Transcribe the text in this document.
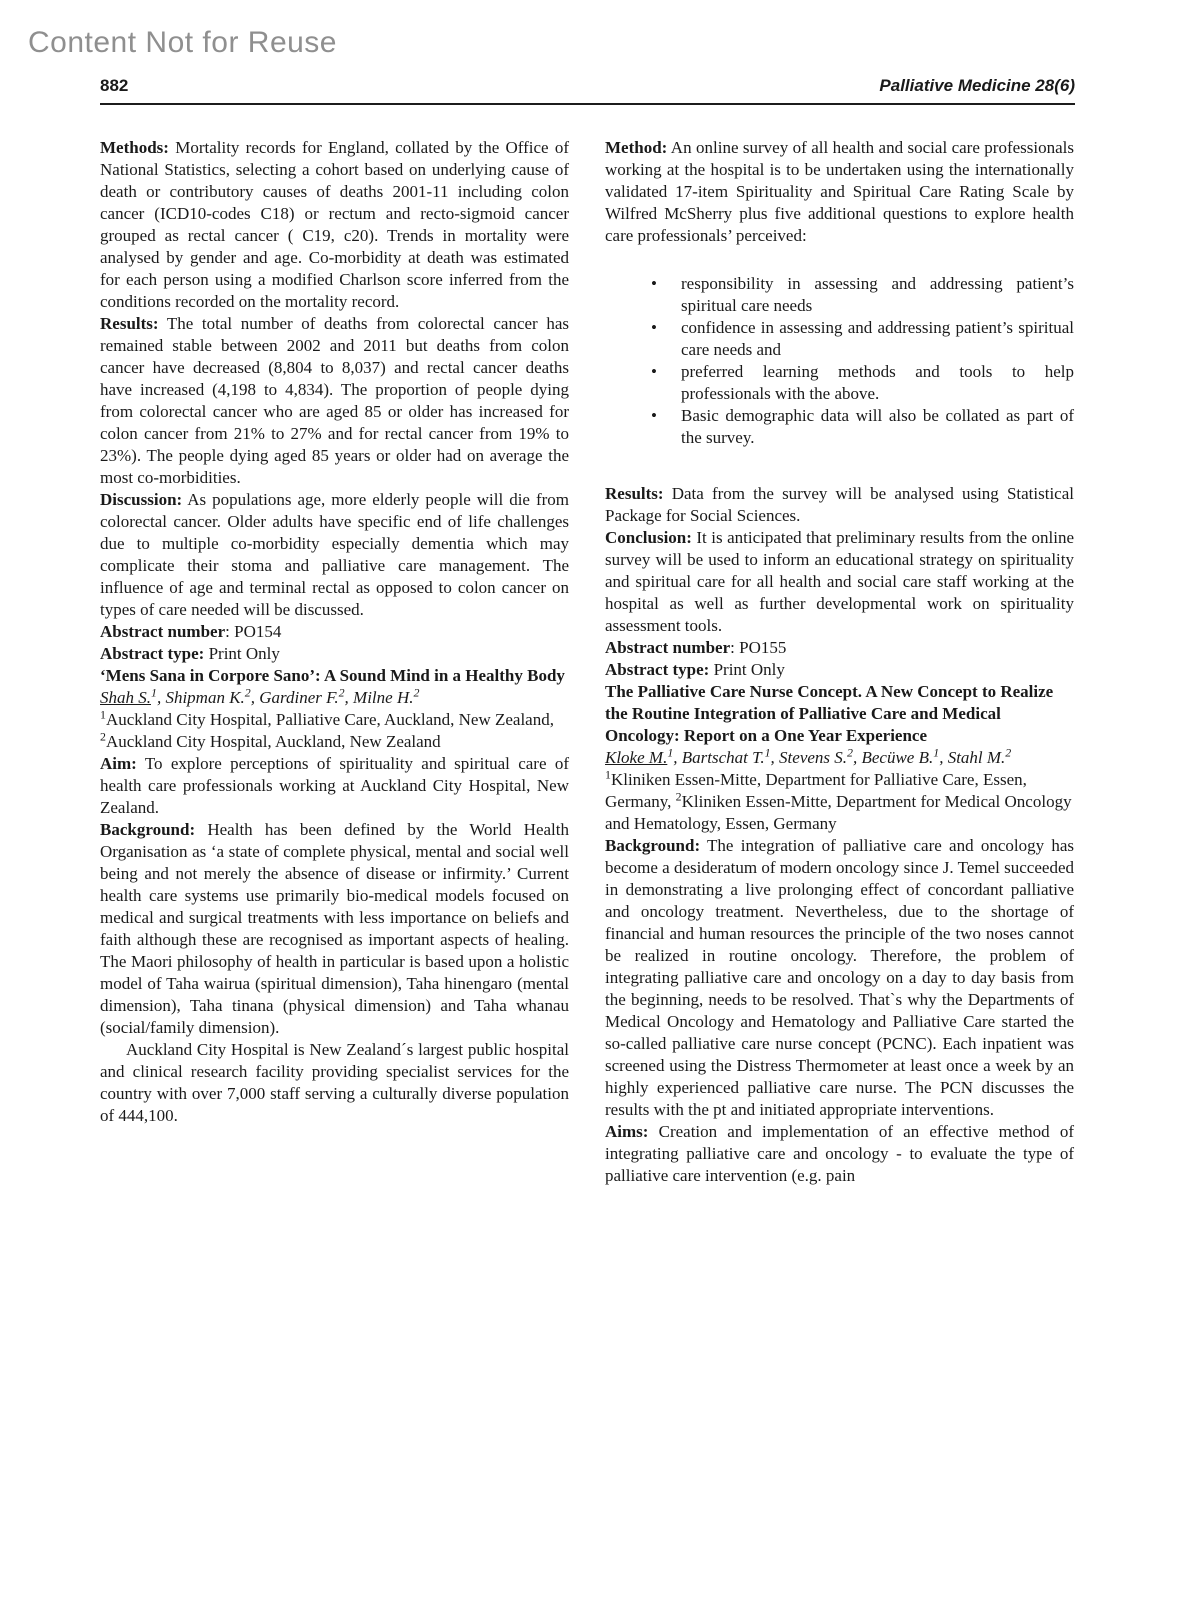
Content Not for Reuse
882	Palliative Medicine 28(6)

Methods: Mortality records for England, collated by the Office of National Statistics, selecting a cohort based on underlying cause of death or contributory causes of deaths 2001-11 including colon cancer (ICD10-codes C18) or rectum and recto-sigmoid cancer grouped as rectal cancer ( C19, c20). Trends in mortality were analysed by gender and age. Co-morbidity at death was estimated for each person using a modified Charlson score inferred from the conditions recorded on the mortality record.

Results: The total number of deaths from colorectal cancer has remained stable between 2002 and 2011 but deaths from colon cancer have decreased (8,804 to 8,037) and rectal cancer deaths have increased (4,198 to 4,834). The proportion of people dying from colorectal cancer who are aged 85 or older has increased for colon cancer from 21% to 27% and for rectal cancer from 19% to 23%). The people dying aged 85 years or older had on average the most co-morbidities.

Discussion: As populations age, more elderly people will die from colorectal cancer. Older adults have specific end of life challenges due to multiple co-morbidity especially dementia which may complicate their stoma and palliative care management. The influence of age and terminal rectal as opposed to colon cancer on types of care needed will be discussed.

Abstract number: PO154

Abstract type: Print Only

‘Mens Sana in Corpore Sano’: A Sound Mind in a Healthy Body

Shah S.$^1$, Shipman K.$^2$, Gardiner F.$^2$, Milne H.$^2$

$^1$Auckland City Hospital, Palliative Care, Auckland, New Zealand, $^2$Auckland City Hospital, Auckland, New Zealand

Aim: To explore perceptions of spirituality and spiritual care of health care professionals working at Auckland City Hospital, New Zealand.

Background: Health has been defined by the World Health Organisation as ‘a state of complete physical, mental and social well being and not merely the absence of disease or infirmity.’ Current health care systems use primarily bio-medical models focused on medical and surgical treatments with less importance on beliefs and faith although these are recognised as important aspects of healing. The Maori philosophy of health in particular is based upon a holistic model of Taha wairua (spiritual dimension), Taha hinengaro (mental dimension), Taha tinana (physical dimension) and Taha whanau (social/family dimension).

Auckland City Hospital is New Zealand´s largest public hospital and clinical research facility providing specialist services for the country with over 7,000 staff serving a culturally diverse population of 444,100.

Method: An online survey of all health and social care professionals working at the hospital is to be undertaken using the internationally validated 17-item Spirituality and Spiritual Care Rating Scale by Wilfred McSherry plus five additional questions to explore health care professionals’ perceived:

• responsibility in assessing and addressing patient’s spiritual care needs
• confidence in assessing and addressing patient’s spiritual care needs and
• preferred learning methods and tools to help professionals with the above.
• Basic demographic data will also be collated as part of the survey.

Results: Data from the survey will be analysed using Statistical Package for Social Sciences.

Conclusion: It is anticipated that preliminary results from the online survey will be used to inform an educational strategy on spirituality and spiritual care for all health and social care staff working at the hospital as well as further developmental work on spirituality assessment tools.

Abstract number: PO155

Abstract type: Print Only

The Palliative Care Nurse Concept. A New Concept to Realize the Routine Integration of Palliative Care and Medical Oncology: Report on a One Year Experience

Kloke M.$^1$, Bartschat T.$^1$, Stevens S.$^2$, Becüwe B.$^1$, Stahl M.$^2$

$^1$Kliniken Essen-Mitte, Department for Palliative Care, Essen, Germany, $^2$Kliniken Essen-Mitte, Department for Medical Oncology and Hematology, Essen, Germany

Background: The integration of palliative care and oncology has become a desideratum of modern oncology since J. Temel succeeded in demonstrating a live prolonging effect of concordant palliative and oncology treatment. Nevertheless, due to the shortage of financial and human resources the principle of the two noses cannot be realized in routine oncology. Therefore, the problem of integrating palliative care and oncology on a day to day basis from the beginning, needs to be resolved. That`s why the Departments of Medical Oncology and Hematology and Palliative Care started the so-called palliative care nurse concept (PCNC). Each inpatient was screened using the Distress Thermometer at least once a week by an highly experienced palliative care nurse. The PCN discusses the results with the pt and initiated appropriate interventions.

Aims: Creation and implementation of an effective method of integrating palliative care and oncology - to evaluate the type of palliative care intervention (e.g. pain
